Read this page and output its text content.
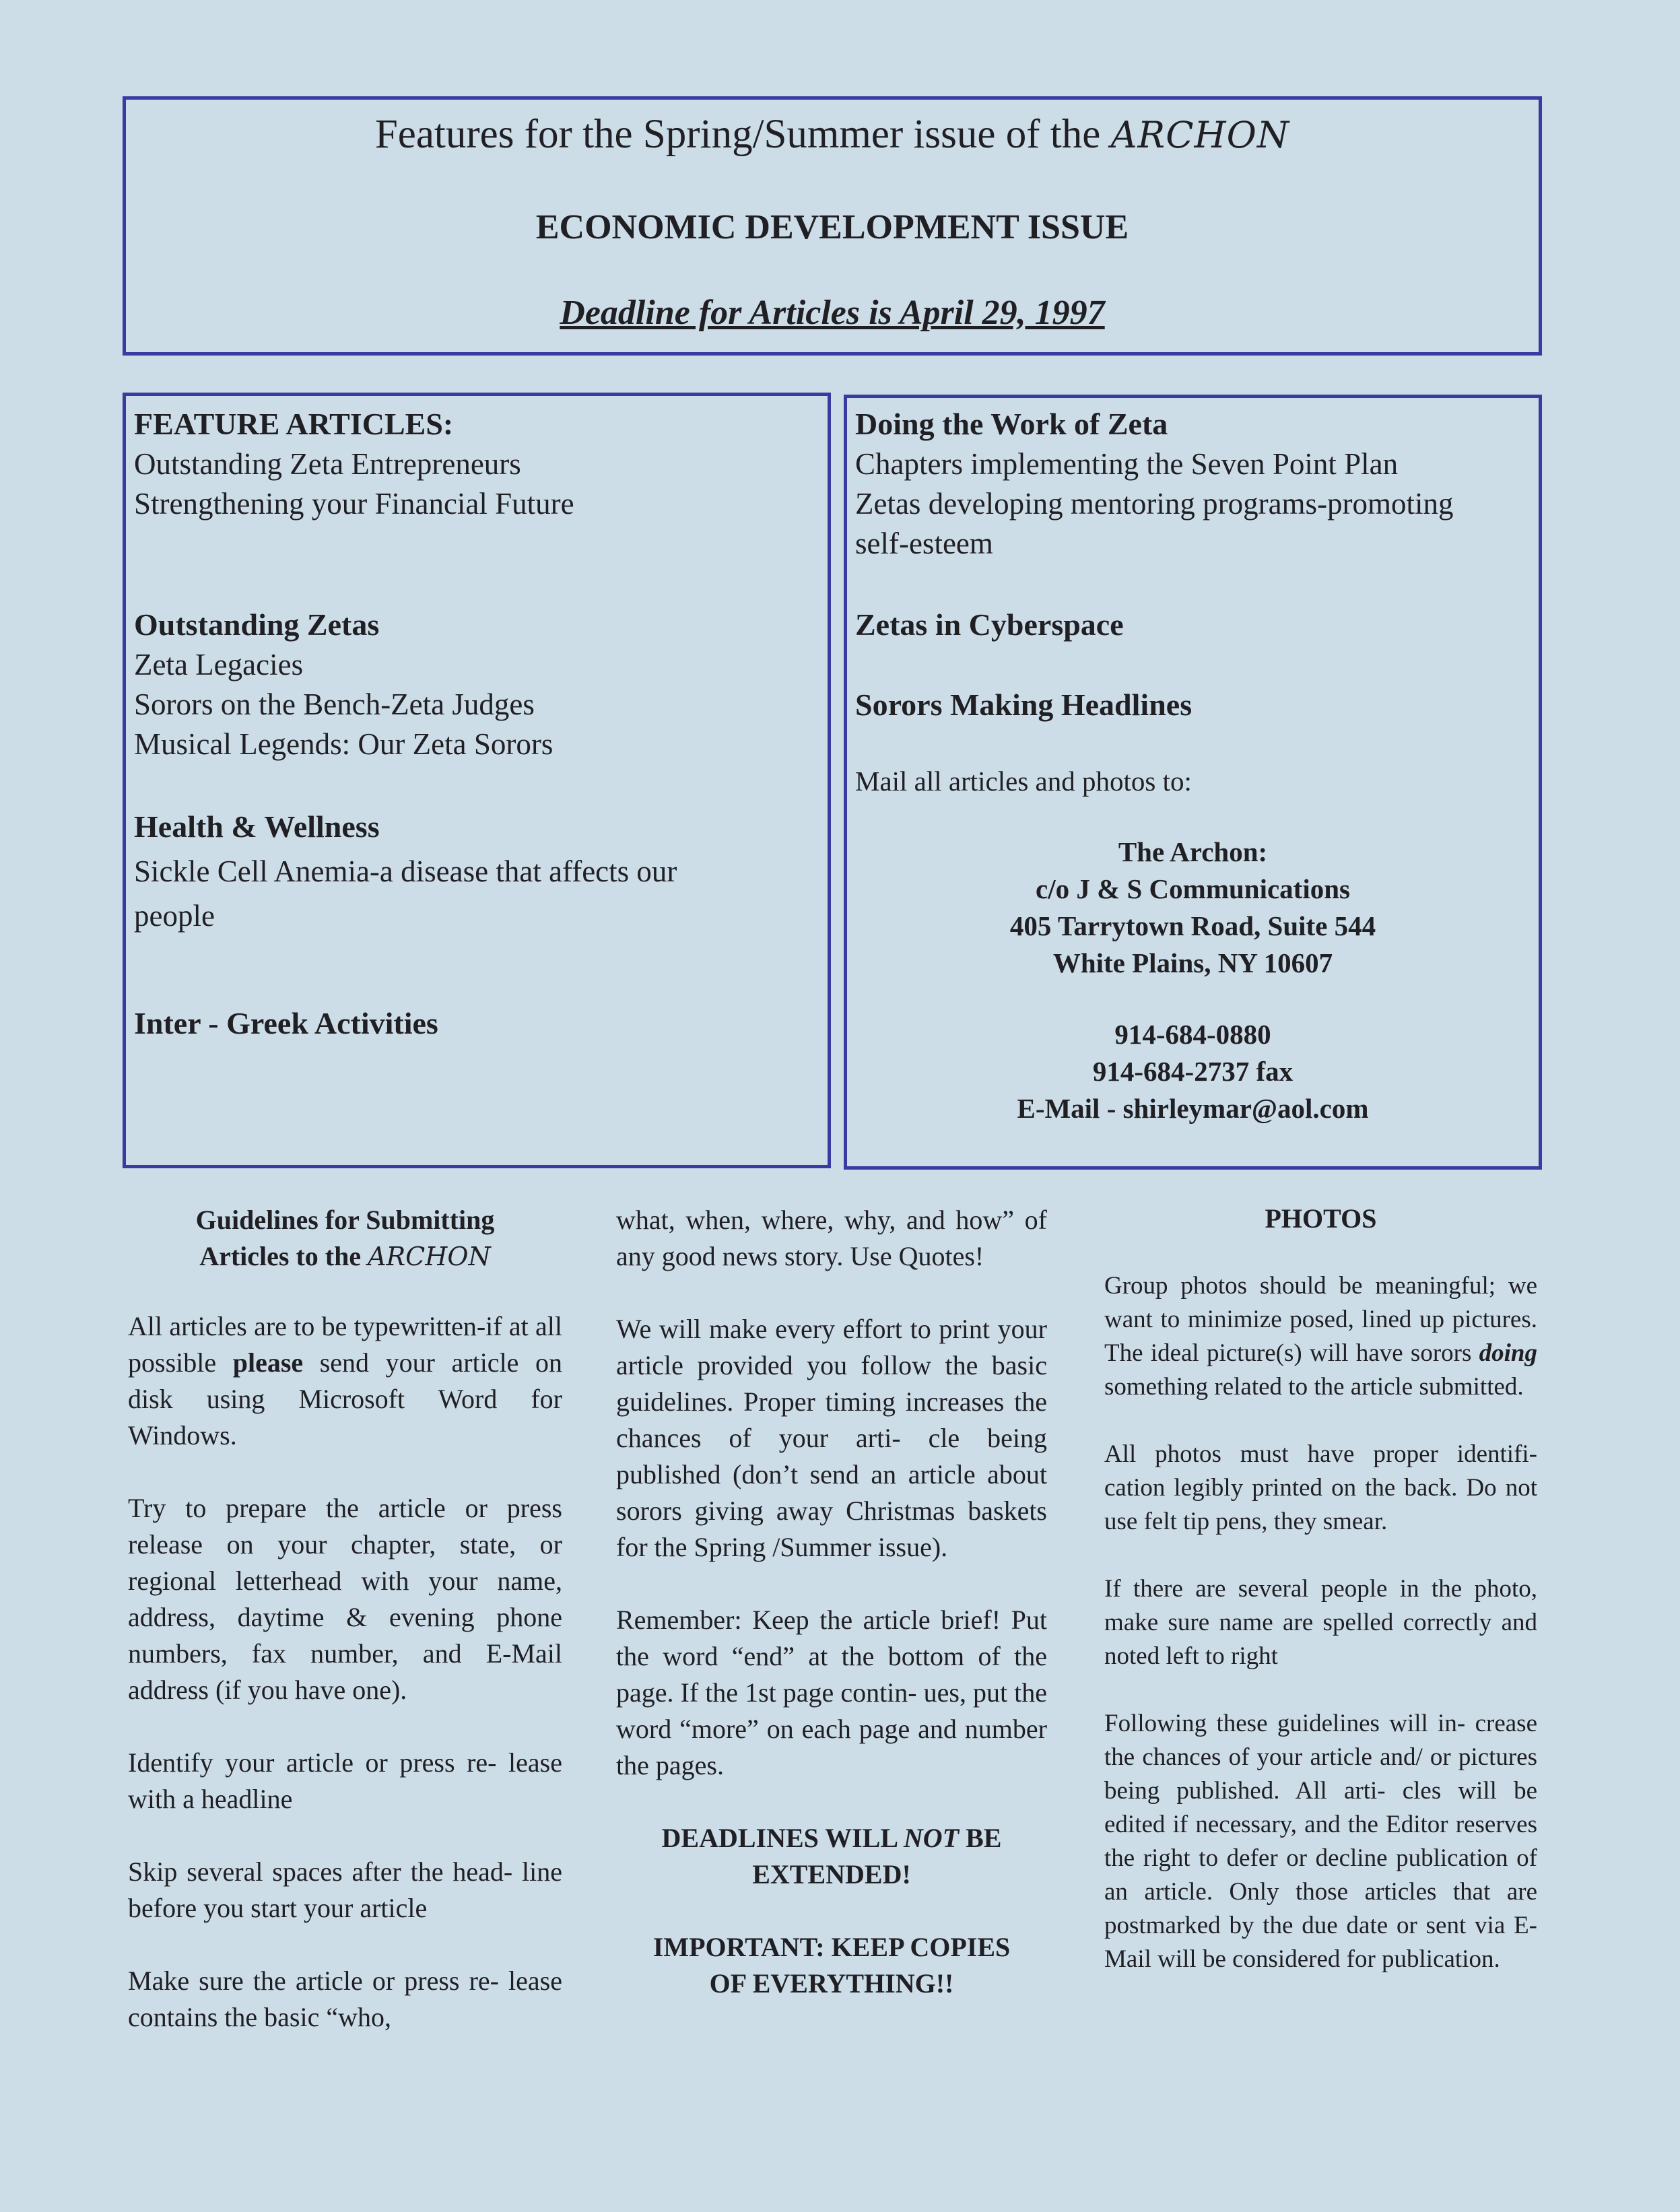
Features for the Spring/Summer issue of the ARCHON
ECONOMIC DEVELOPMENT ISSUE
Deadline for Articles is April 29, 1997
FEATURE ARTICLES:
Outstanding Zeta Entrepreneurs
Strengthening your Financial Future
Outstanding Zetas
Zeta Legacies
Sorors on the Bench-Zeta Judges
Musical Legends: Our Zeta Sorors
Health & Wellness
Sickle Cell Anemia-a disease that affects our
people
Inter - Greek Activities
Doing the Work of Zeta
Chapters implementing the Seven Point Plan
Zetas developing mentoring programs-promoting
self-esteem
Zetas in Cyberspace
Sorors Making Headlines
Mail all articles and photos to:
The Archon:
c/o J & S Communications
405 Tarrytown Road, Suite 544
White Plains, NY 10607
914-684-0880
914-684-2737 fax
E-Mail - shirleymar@aol.com

Guidelines for Submitting
Articles to the ARCHON

All articles are to be typewritten-if at all possible please send your article on disk using Microsoft Word for Windows.

Try to prepare the article or press release on your chapter, state, or regional letterhead with your name, address, daytime & evening phone numbers, fax number, and E-Mail address (if you have one).

Identify your article or press re- lease with a headline

Skip several spaces after the head- line before you start your article

Make sure the article or press re- lease contains the basic “who,

what, when, where, why, and how” of any good news story. Use Quotes!

We will make every effort to print your article provided you follow the basic guidelines. Proper timing increases the chances of your arti- cle being published (don’t send an article about sorors giving away Christmas baskets for the Spring /Summer issue).

Remember: Keep the article brief! Put the word “end” at the bottom of the page. If the 1st page contin- ues, put the word “more” on each page and number the pages.

DEADLINES WILL NOT BE
EXTENDED!

IMPORTANT: KEEP COPIES
OF EVERYTHING!!

PHOTOS

Group photos should be meaningful; we want to minimize posed, lined up pictures. The ideal picture(s) will have sorors doing something related to the article submitted.

All photos must have proper identifi- cation legibly printed on the back. Do not use felt tip pens, they smear.

If there are several people in the photo, make sure name are spelled correctly and noted left to right

Following these guidelines will in- crease the chances of your article and/ or pictures being published. All arti- cles will be edited if necessary, and the Editor reserves the right to defer or decline publication of an article. Only those articles that are postmarked by the due date or sent via E-Mail will be considered for publication.
